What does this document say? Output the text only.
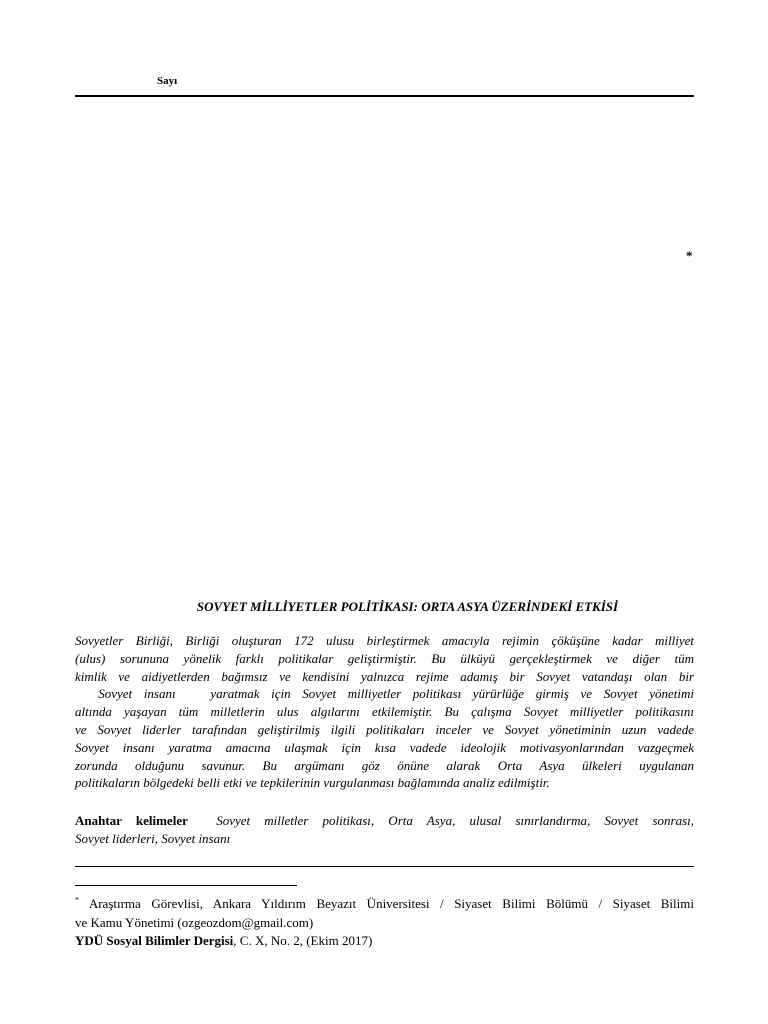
Sayı
*
SOVYET MİLLİYETLER POLİTİKASI: ORTA ASYA ÜZERİNDEKİ ETKİSİ
Sovyetler Birliği, Birliği oluşturan 172 ulusu birleştirmek amacıyla rejimin çöküşüne kadar milliyet
(ulus) sorununa yönelik farklı politikalar geliştirmiştir. Bu ülküyü gerçekleştirmek ve diğer tüm
kimlik ve aidiyetlerden bağımsız ve kendisini yalnızca rejime adamış bir Sovyet vatandaşı olan bir
Sovyet insanı   yaratmak için Sovyet milliyetler politikası yürürlüğe girmiş ve Sovyet yönetimi
altında yaşayan tüm milletlerin ulus algılarını etkilemiştir. Bu çalışma Sovyet milliyetler politikasını
ve Sovyet liderler tarafından geliştirilmiş ilgili politikaları inceler ve Sovyet yönetiminin uzun vadede
Sovyet insanı yaratma amacına ulaşmak için kısa vadede ideolojik motivasyonlarından vazgeçmek
zorunda olduğunu savunur. Bu argümanı göz önüne alarak Orta Asya ülkeleri uygulanan
politikaların bölgedeki belli etki ve tepkilerinin vurgulanması bağlamında analiz edilmiştir.
Anahtar kelimeler Sovyet milletler politikası, Orta Asya, ulusal sınırlandırma, Sovyet sonrası,
Sovyet liderleri, Sovyet insanı
* Araştırma Görevlisi, Ankara Yıldırım Beyazıt Üniversitesi / Siyaset Bilimi Bölümü / Siyaset Bilimi
ve Kamu Yönetimi (ozgeozdom@gmail.com)
YDÜ Sosyal Bilimler Dergisi, C. X, No. 2, (Ekim 2017)
